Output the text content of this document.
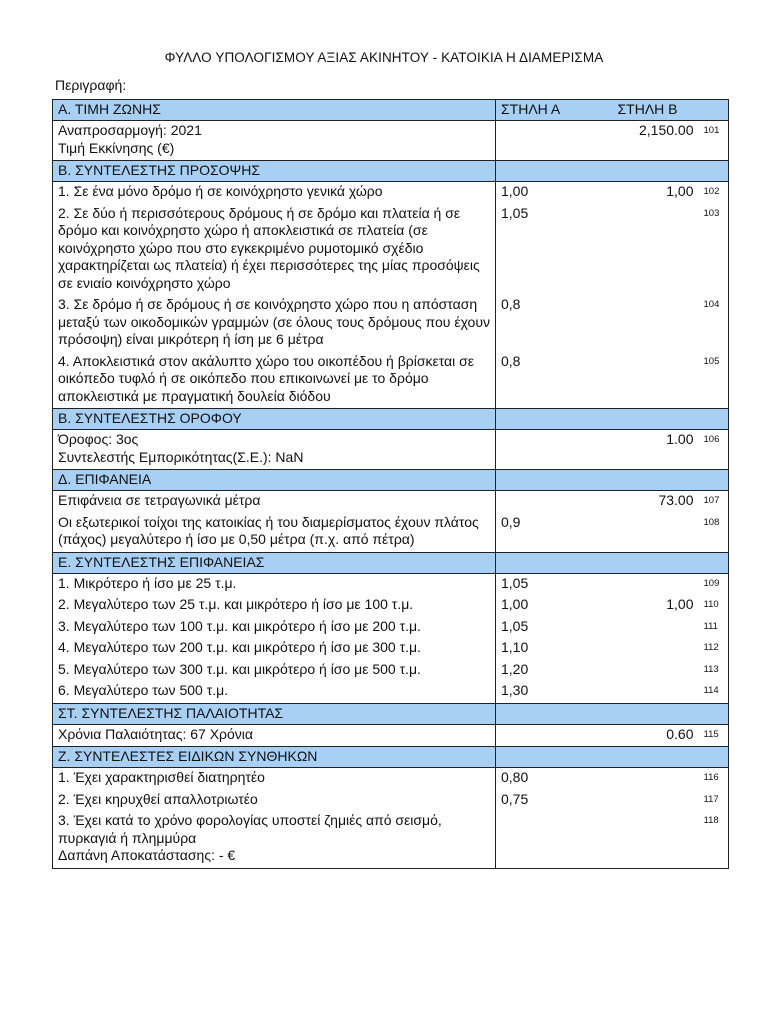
ΦΥΛΛΟ ΥΠΟΛΟΓΙΣΜΟΥ ΑΞΙΑΣ ΑΚΙΝΗΤΟΥ - ΚΑΤΟΙΚΙΑ Η ΔΙΑΜΕΡΙΣΜΑ
Περιγραφή:
Α. ΤΙΜΗ ΖΩΝΗΣ	ΣΤΗΛΗ Α	ΣΤΗΛΗ Β	
Αναπροσαρμογή: 2021
Τιμή Εκκίνησης (€)		2,150.00	101
Β. ΣΥΝΤΕΛΕΣΤΗΣ ΠΡΟΣΟΨΗΣ			
1. Σε ένα μόνο δρόμο ή σε κοινόχρηστο γενικά χώρο	1,00	1,00	102
2. Σε δύο ή περισσότερους δρόμους ή σε δρόμο και πλατεία ή σε δρόμο και κοινόχρηστο χώρο ή αποκλειστικά σε πλατεία (σε κοινόχρηστο χώρο που στο εγκεκριμένο ρυμοτομικό σχέδιο χαρακτηρίζεται ως πλατεία) ή έχει περισσότερες της μίας προσόψεις σε ενιαίο κοινόχρηστο χώρο	1,05		103
3. Σε δρόμο ή σε δρόμους ή σε κοινόχρηστο χώρο που η απόσταση μεταξύ των οικοδομικών γραμμών (σε όλους τους δρόμους που έχουν πρόσοψη) είναι μικρότερη ή ίση με 6 μέτρα	0,8		104
4. Αποκλειστικά στον ακάλυπτο χώρο του οικοπέδου ή βρίσκεται σε οικόπεδο τυφλό ή σε οικόπεδο που επικοινωνεί με το δρόμο αποκλειστικά με πραγματική δουλεία διόδου	0,8		105
Β. ΣΥΝΤΕΛΕΣΤΗΣ ΟΡΟΦΟΥ			
Όροφος: 3ος
Συντελεστής Εμπορικότητας(Σ.Ε.): NaN		1.00	106
Δ. ΕΠΙΦΑΝΕΙΑ			
Επιφάνεια σε τετραγωνικά μέτρα		73.00	107
Οι εξωτερικοί τοίχοι της κατοικίας ή του διαμερίσματος έχουν πλάτος (πάχος) μεγαλύτερο ή ίσο με 0,50 μέτρα (π.χ. από πέτρα)	0,9		108
Ε. ΣΥΝΤΕΛΕΣΤΗΣ ΕΠΙΦΑΝΕΙΑΣ			
1. Μικρότερο ή ίσο με 25 τ.μ.	1,05		109
2. Μεγαλύτερο των 25 τ.μ. και μικρότερο ή ίσο με 100 τ.μ.	1,00	1,00	110
3. Μεγαλύτερο των 100 τ.μ. και μικρότερο ή ίσο με 200 τ.μ.	1,05		111
4. Μεγαλύτερο των 200 τ.μ. και μικρότερο ή ίσο με 300 τ.μ.	1,10		112
5. Μεγαλύτερο των 300 τ.μ. και μικρότερο ή ίσο με 500 τ.μ.	1,20		113
6. Μεγαλύτερο των 500 τ.μ.	1,30		114
ΣΤ. ΣΥΝΤΕΛΕΣΤΗΣ ΠΑΛΑΙΟΤΗΤΑΣ			
Χρόνια Παλαιότητας: 67 Χρόνια		0.60	115
Ζ. ΣΥΝΤΕΛΕΣΤΕΣ ΕΙΔΙΚΩΝ ΣΥΝΘΗΚΩΝ			
1. Έχει χαρακτηρισθεί διατηρητέο	0,80		116
2. Έχει κηρυχθεί απαλλοτριωτέο	0,75		117
3. Έχει κατά το χρόνο φορολογίας υποστεί ζημιές από σεισμό, πυρκαγιά ή πλημμύρα
Δαπάνη Αποκατάστασης: - €			118
